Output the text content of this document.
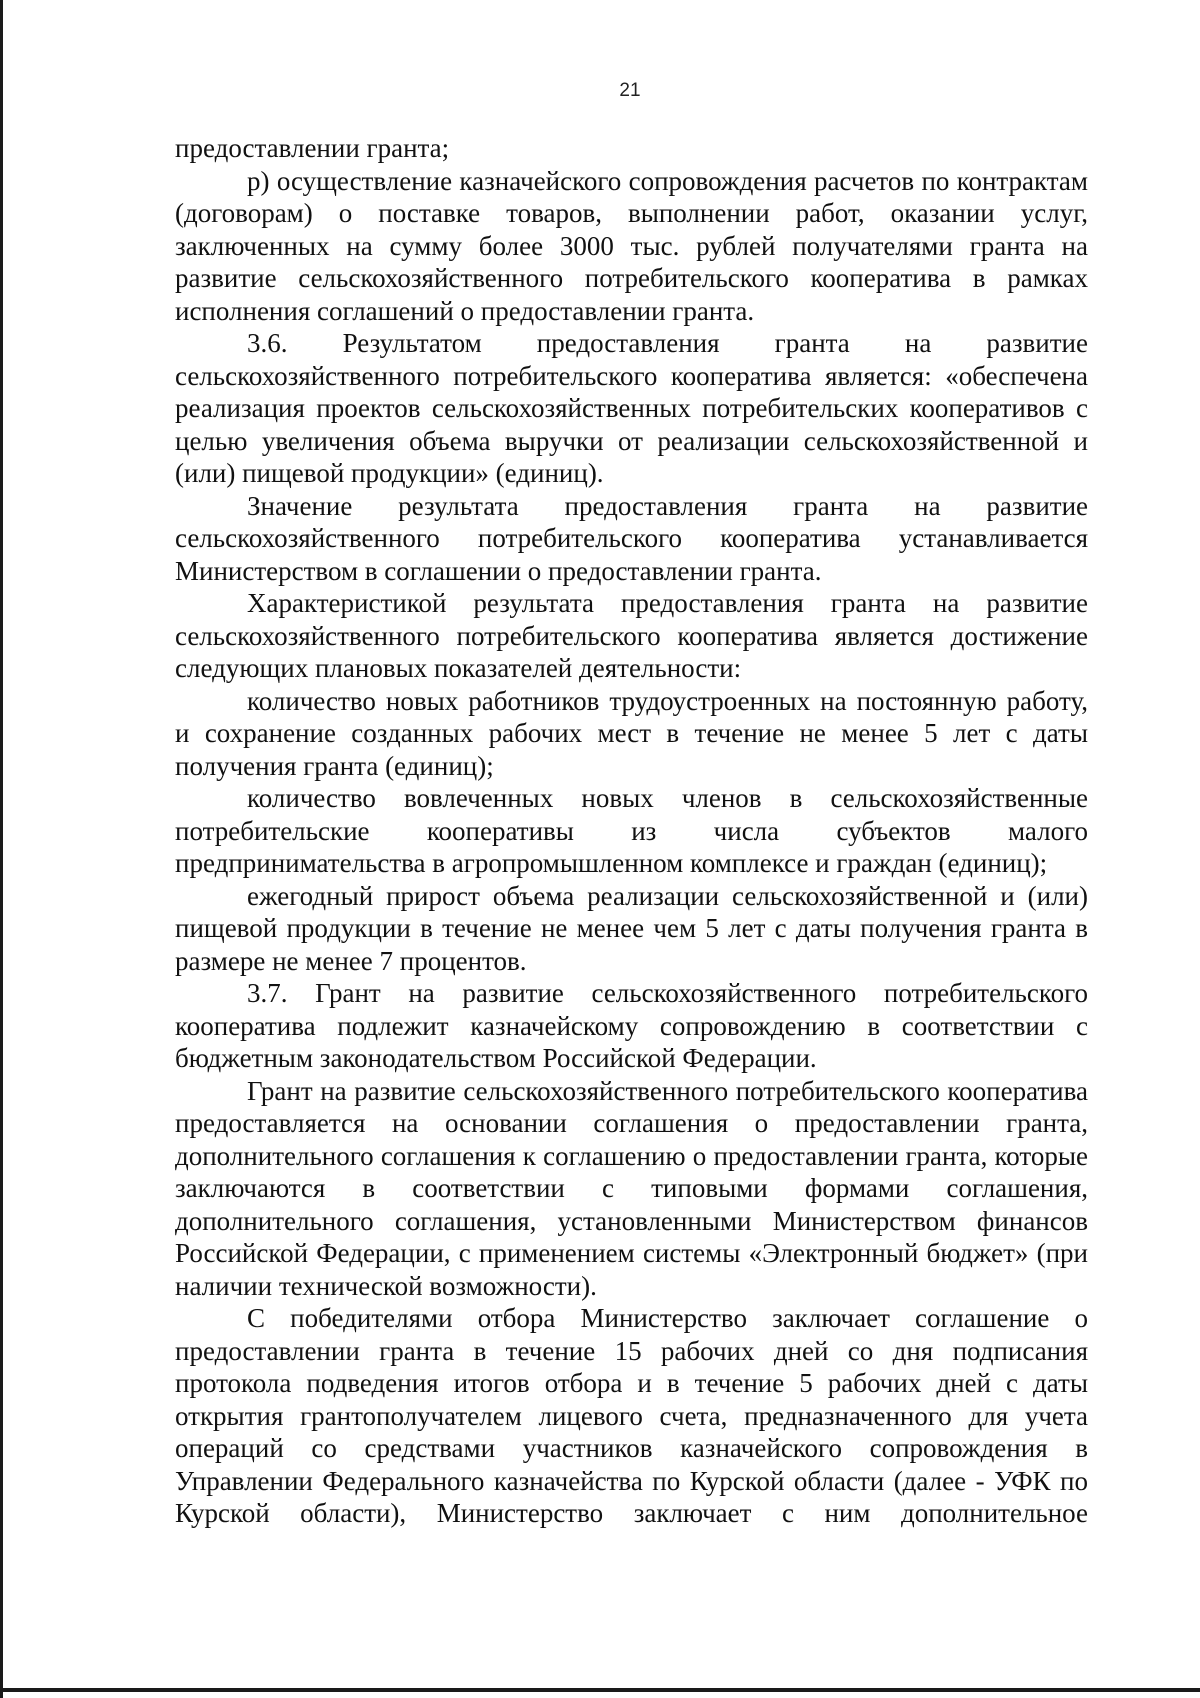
21

предоставлении гранта;

р) осуществление казначейского сопровождения расчетов по контрактам (договорам) о поставке товаров, выполнении работ, оказании услуг, заключенных на сумму более 3000 тыс. рублей получателями гранта на развитие сельскохозяйственного потребительского кооператива в рамках исполнения соглашений о предоставлении гранта.

3.6. Результатом предоставления гранта на развитие сельскохозяйственного потребительского кооператива является: «обеспечена реализация проектов сельскохозяйственных потребительских кооперативов с целью увеличения объема выручки от реализации сельскохозяйственной и (или) пищевой продукции» (единиц).

Значение результата предоставления гранта на развитие сельскохозяйственного потребительского кооператива устанавливается Министерством в соглашении о предоставлении гранта.

Характеристикой результата предоставления гранта на развитие сельскохозяйственного потребительского кооператива является достижение следующих плановых показателей деятельности:

количество новых работников трудоустроенных на постоянную работу, и сохранение созданных рабочих мест в течение не менее 5 лет с даты получения гранта (единиц);

количество вовлеченных новых членов в сельскохозяйственные потребительские кооперативы из числа субъектов малого предпринимательства в агропромышленном комплексе и граждан (единиц);

ежегодный прирост объема реализации сельскохозяйственной и (или) пищевой продукции в течение не менее чем 5 лет с даты получения гранта в размере не менее 7 процентов.

3.7. Грант на развитие сельскохозяйственного потребительского кооператива подлежит казначейскому сопровождению в соответствии с бюджетным законодательством Российской Федерации.

Грант на развитие сельскохозяйственного потребительского кооператива предоставляется на основании соглашения о предоставлении гранта, дополнительного соглашения к соглашению о предоставлении гранта, которые заключаются в соответствии с типовыми формами соглашения, дополнительного соглашения, установленными Министерством финансов Российской Федерации, с применением системы «Электронный бюджет» (при наличии технической возможности).

С победителями отбора Министерство заключает соглашение о предоставлении гранта в течение 15 рабочих дней со дня подписания протокола подведения итогов отбора и в течение 5 рабочих дней с даты открытия грантополучателем лицевого счета, предназначенного для учета операций со средствами участников казначейского сопровождения в Управлении Федерального казначейства по Курской области (далее - УФК по Курской области), Министерство заключает с ним дополнительное
